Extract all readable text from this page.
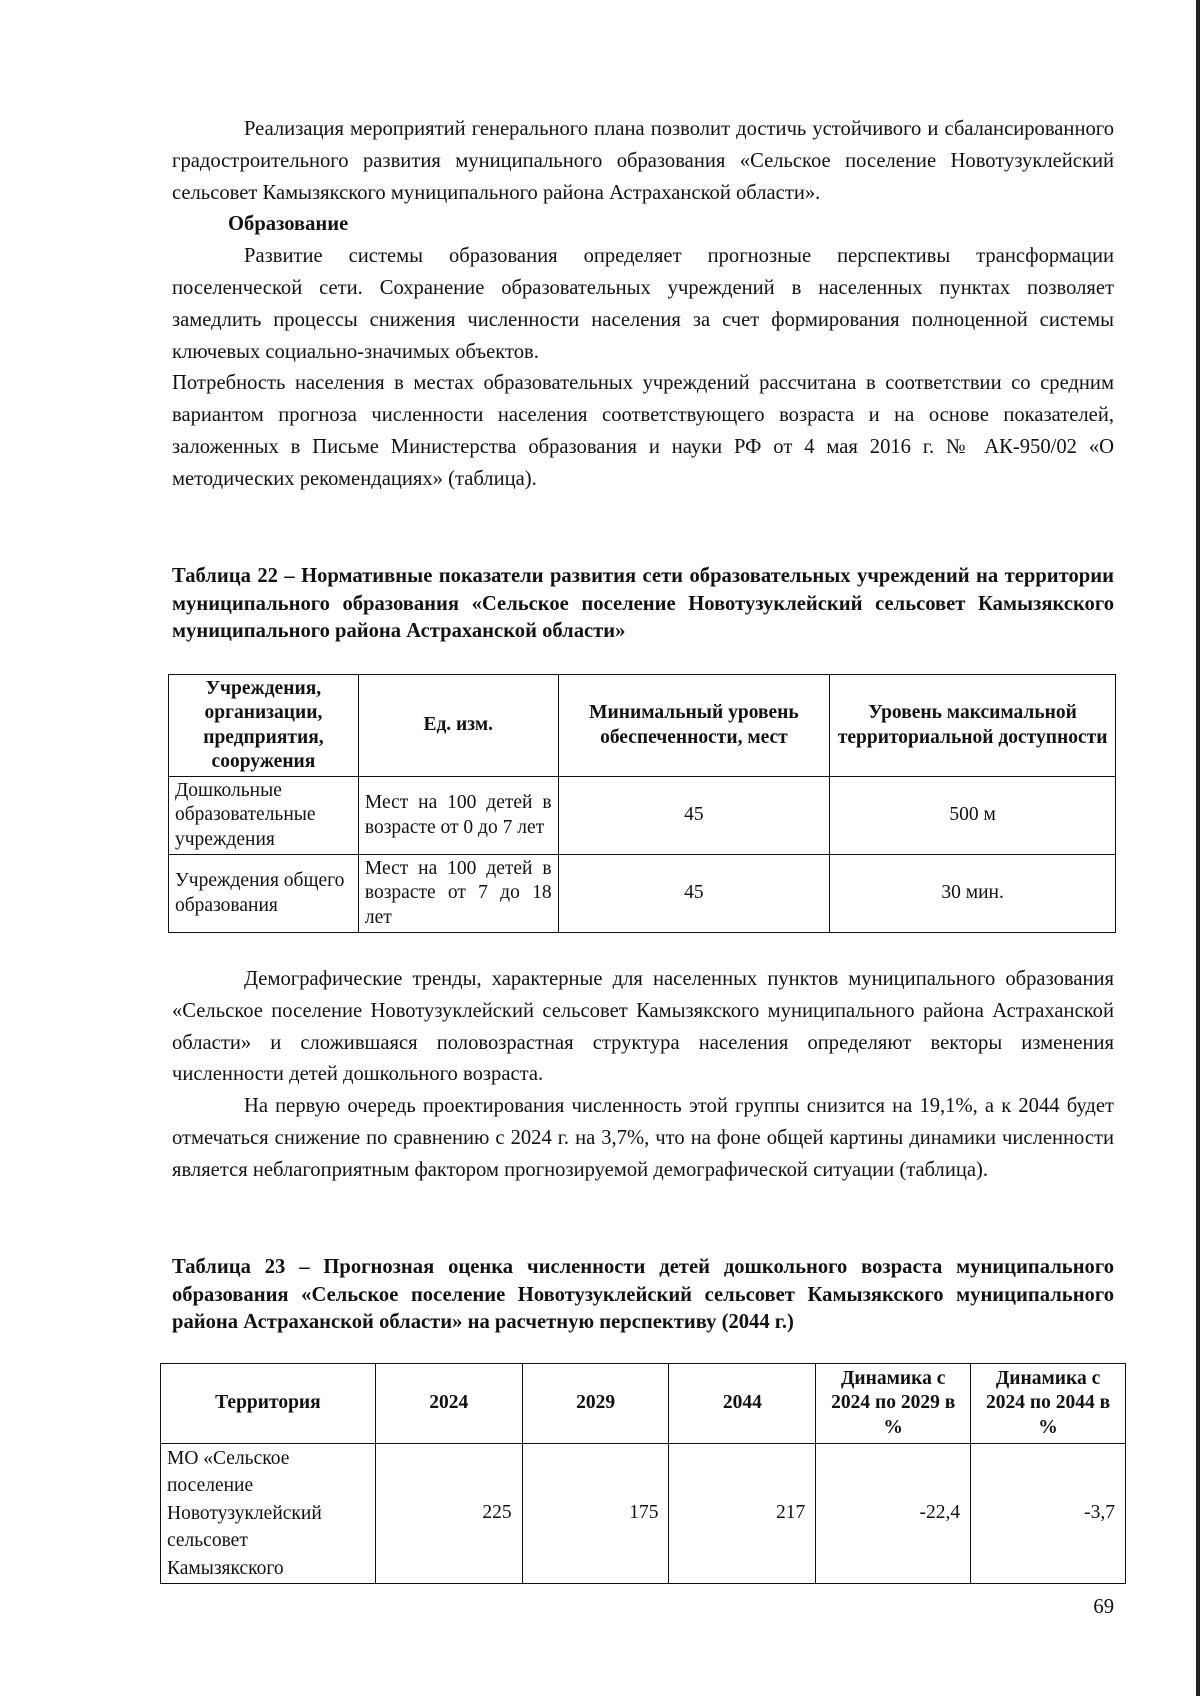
Реализация мероприятий генерального плана позволит достичь устойчивого и сбалансированного градостроительного развития муниципального образования «Сельское поселение Новотузуклейский сельсовет Камызякского муниципального района Астраханской области».

Образование

Развитие системы образования определяет прогнозные перспективы трансформации поселенческой сети. Сохранение образовательных учреждений в населенных пунктах позволяет замедлить процессы снижения численности населения за счет формирования полноценной системы ключевых социально-значимых объектов.

Потребность населения в местах образовательных учреждений рассчитана в соответствии со средним вариантом прогноза численности населения соответствующего возраста и на основе показателей, заложенных в Письме Министерства образования и науки РФ от 4 мая 2016 г. № АК-950/02 «О методических рекомендациях» (таблица).

Таблица 22 – Нормативные показатели развития сети образовательных учреждений на территории муниципального образования «Сельское поселение Новотузуклейский сельсовет Камызякского муниципального района Астраханской области»

Учреждения, организации, предприятия, сооружения	Ед. изм.	Минимальный уровень обеспеченности, мест	Уровень максимальной территориальной доступности
Дошкольные образовательные учреждения	Мест на 100 детей в возрасте от 0 до 7 лет	45	500 м
Учреждения общего образования	Мест на 100 детей в возрасте от 7 до 18 лет	45	30 мин.

Демографические тренды, характерные для населенных пунктов муниципального образования «Сельское поселение Новотузуклейский сельсовет Камызякского муниципального района Астраханской области» и сложившаяся половозрастная структура населения определяют векторы изменения численности детей дошкольного возраста.

На первую очередь проектирования численность этой группы снизится на 19,1%, а к 2044 будет отмечаться снижение по сравнению с 2024 г. на 3,7%, что на фоне общей картины динамики численности является неблагоприятным фактором прогнозируемой демографической ситуации (таблица).

Таблица 23 – Прогнозная оценка численности детей дошкольного возраста муниципального образования «Сельское поселение Новотузуклейский сельсовет Камызякского муниципального района Астраханской области» на расчетную перспективу (2044 г.)

Территория	2024	2029	2044	Динамика с 2024 по 2029 в %	Динамика с 2024 по 2044 в %
МО «Сельское поселение Новотузуклейский сельсовет Камызякского	225	175	217	-22,4	-3,7
69
